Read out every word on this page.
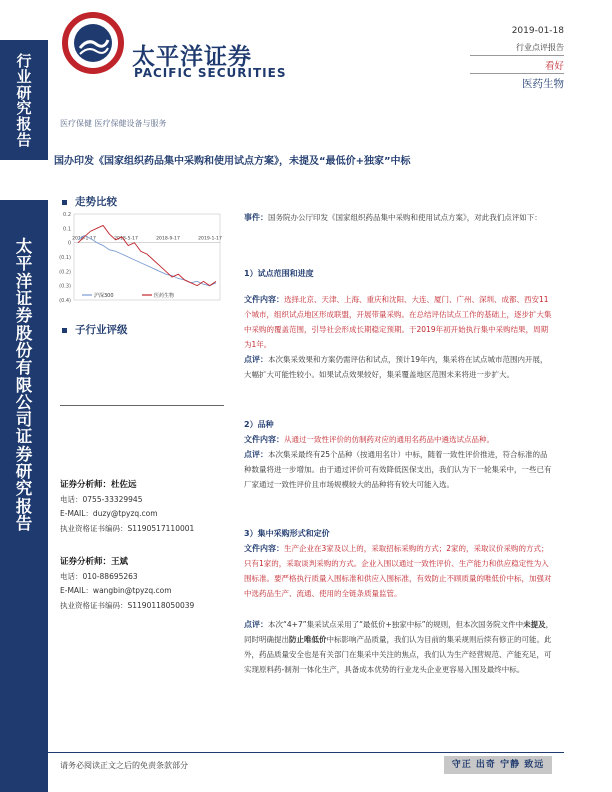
行
业
研
究
报
告
太
平
洋
证
券
股
份
有
限
公
司
证
券
研
究
报
告
太平洋证券
PACIFIC SECURITIES
2019-01-18
行业点评报告
看好
医药生物
医疗保健 医疗保健设备与服务
国办印发《国家组织药品集中采购和使用试点方案》，未提及“最低价+独家”中标
走势比较
0.2
0.1
0
(0.1)
(0.2)
(0.3)
(0.4)
2018-1-17	2018-5-17	2018-9-17	2019-1-17
沪深300	医药生物
子行业评级
证券分析师：杜佐远
电话：0755-33329945
E-MAIL：duzy@tpyzq.com
执业资格证书编码：S1190517110001
证券分析师：王斌
电话：010-88695263
E-MAIL：wangbin@tpyzq.com
执业资格证书编码：S1190118050039
事件：国务院办公厅印发《国家组织药品集中采购和使用试点方案》，对此我们点评如下：
1）试点范围和进度
文件内容：选择北京、天津、上海、重庆和沈阳、大连、厦门、广州、深圳、成都、西安11个城市，组织试点地区形成联盟，开展带量采购。在总结评估试点工作的基础上，逐步扩大集中采购的覆盖范围，引导社会形成长期稳定预期。于2019年初开始执行集中采购结果，周期为1年。
点评：本次集采效果和方案仍需评估和试点，预计19年内，集采将在试点城市范围内开展，大幅扩大可能性较小。如果试点效果较好，集采覆盖地区范围未来将进一步扩大。
2）品种
文件内容：从通过一致性评价的仿制药对应的通用名药品中遴选试点品种。
点评：本次集采最终有25个品种（按通用名计）中标，随着一致性评价推进，符合标准的品种数量将进一步增加。由于通过评价可有效降低医保支出，我们认为下一轮集采中，一些已有厂家通过一致性评价且市场规模较大的品种将有较大可能入选。
3）集中采购形式和定价
文件内容：生产企业在3家及以上的，采取招标采购的方式；2家的，采取议价采购的方式；只有1家的，采取谈判采购的方式。企业入围以通过一致性评价、生产能力和供应稳定性为入围标准。要严格执行质量入围标准和供应入围标准，有效防止不顾质量的唯低价中标，加强对中选药品生产、流通、使用的全链条质量监管。
点评：本次“4+7”集采试点采用了“最低价+独家中标”的规则，但本次国务院文件中未提及，同时明确提出防止唯低价中标影响产品质量，我们认为目前的集采规则后续有修正的可能。此外，药品质量安全也是有关部门在集采中关注的焦点，我们认为生产经营规范、产能充足，可实现原料药-制剂一体化生产，具备成本优势的行业龙头企业更容易入围及最终中标。
请务必阅读正文之后的免责条款部分	守正 出奇 宁静 致远
